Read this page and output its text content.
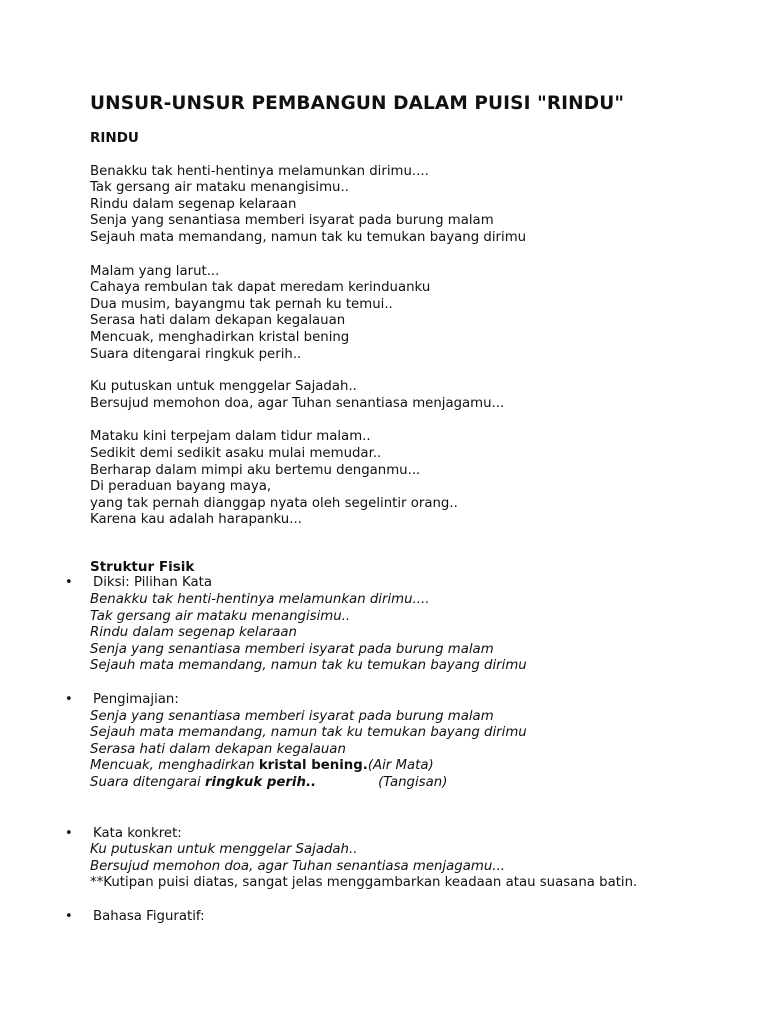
UNSUR-UNSUR PEMBANGUN DALAM PUISI "RINDU"
RINDU
Benakku tak henti-hentinya melamunkan dirimu....
Tak gersang air mataku menangisimu..
Rindu dalam segenap kelaraan
Senja yang senantiasa memberi isyarat pada burung malam
Sejauh mata memandang, namun tak ku temukan bayang dirimu
Malam yang larut...
Cahaya rembulan tak dapat meredam kerinduanku
Dua musim, bayangmu tak pernah ku temui..
Serasa hati dalam dekapan kegalauan
Mencuak, menghadirkan kristal bening
Suara ditengarai ringkuk perih..
Ku putuskan untuk menggelar Sajadah..
Bersujud memohon doa, agar Tuhan senantiasa menjagamu...
Mataku kini terpejam dalam tidur malam..
Sedikit demi sedikit asaku mulai memudar..
Berharap dalam mimpi aku bertemu denganmu...
Di peraduan bayang maya,
yang tak pernah dianggap nyata oleh segelintir orang..
Karena kau adalah harapanku...
Struktur Fisik
• Diksi: Pilihan Kata
Benakku tak henti-hentinya melamunkan dirimu....
Tak gersang air mataku menangisimu..
Rindu dalam segenap kelaraan
Senja yang senantiasa memberi isyarat pada burung malam
Sejauh mata memandang, namun tak ku temukan bayang dirimu
• Pengimajian:
Senja yang senantiasa memberi isyarat pada burung malam
Sejauh mata memandang, namun tak ku temukan bayang dirimu
Serasa hati dalam dekapan kegalauan
Mencuak, menghadirkan kristal bening.(Air Mata)
Suara ditengarai ringkuk perih..	(Tangisan)
• Kata konkret:
Ku putuskan untuk menggelar Sajadah..
Bersujud memohon doa, agar Tuhan senantiasa menjagamu...
**Kutipan puisi diatas, sangat jelas menggambarkan keadaan atau suasana batin.
• Bahasa Figuratif:
